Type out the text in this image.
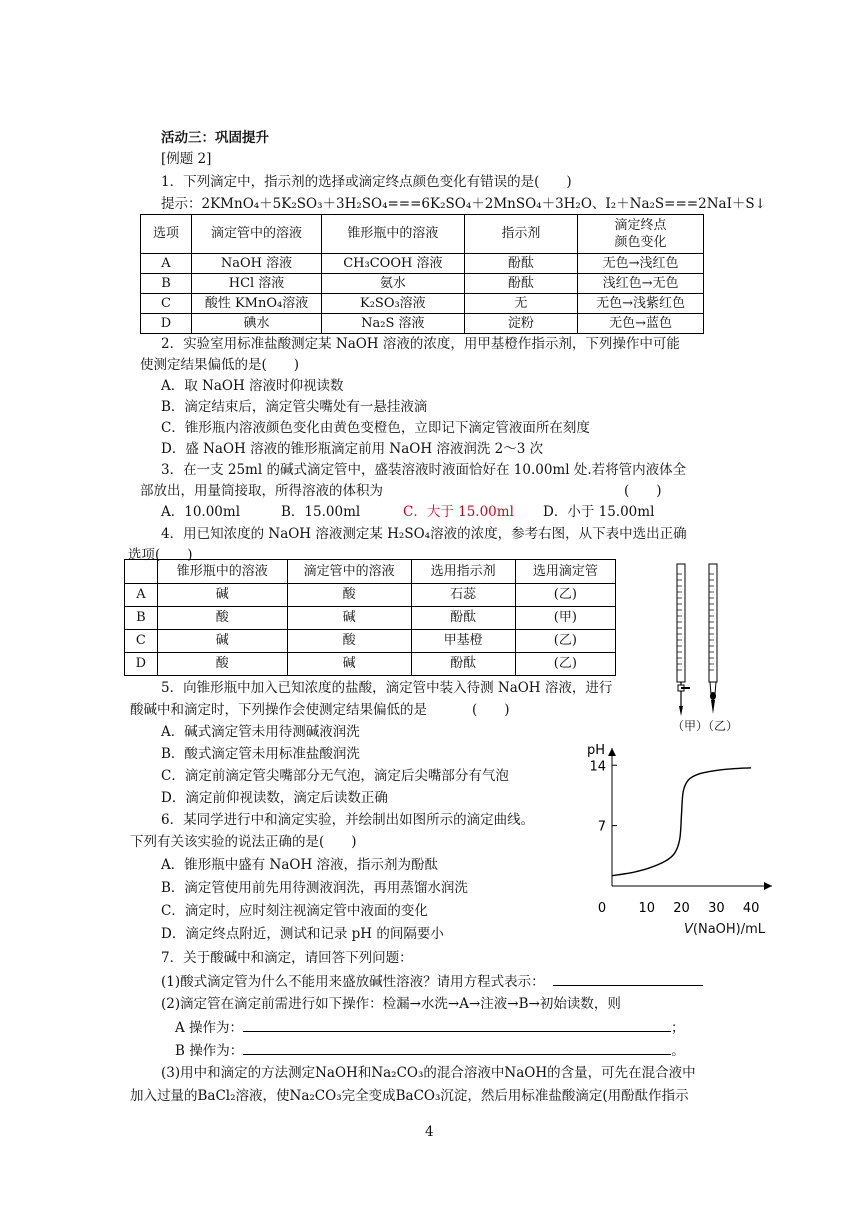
活动三：巩固提升
[例题 2]
1．下列滴定中，指示剂的选择或滴定终点颜色变化有错误的是(　　)
提示：2KMnO₄＋5K₂SO₃＋3H₂SO₄===6K₂SO₄＋2MnSO₄＋3H₂O、I₂＋Na₂S===2NaI＋S↓
选项	滴定管中的溶液	锥形瓶中的溶液	指示剂	滴定终点
颜色变化
A	NaOH 溶液	CH₃COOH 溶液	酚酞	无色→浅红色
B	HCl 溶液	氨水	酚酞	浅红色→无色
C	酸性 KMnO₄溶液	K₂SO₃溶液	无	无色→浅紫红色
D	碘水	Na₂S 溶液	淀粉	无色→蓝色
2．实验室用标准盐酸测定某 NaOH 溶液的浓度，用甲基橙作指示剂，下列操作中可能
使测定结果偏低的是(　　)
A．取 NaOH 溶液时仰视读数
B．滴定结束后，滴定管尖嘴处有一悬挂液滴
C．锥形瓶内溶液颜色变化由黄色变橙色，立即记下滴定管液面所在刻度
D．盛 NaOH 溶液的锥形瓶滴定前用 NaOH 溶液润洗 2～3 次
3．在一支 25ml 的碱式滴定管中，盛装溶液时液面恰好在 10.00ml 处.若将管内液体全
部放出，用量筒接取，所得溶液的体积为	(　　)
A．10.00ml	B．15.00ml	C．大于 15.00ml D．小于 15.00ml
4．用已知浓度的 NaOH 溶液测定某 H₂SO₄溶液的浓度，参考右图，从下表中选出正确
选项(　　)
	锥形瓶中的溶液	滴定管中的溶液	选用指示剂	选用滴定管
A	碱	酸	石蕊	(乙)
B	酸	碱	酚酞	(甲)
C	碱	酸	甲基橙	(乙)
D	酸	碱	酚酞	(乙)
（甲）（乙）
5．向锥形瓶中加入已知浓度的盐酸，滴定管中装入待测 NaOH 溶液，进行
酸碱中和滴定时，下列操作会使测定结果偏低的是	(　　)
A．碱式滴定管未用待测碱液润洗
B．酸式滴定管未用标准盐酸润洗
C．滴定前滴定管尖嘴部分无气泡，滴定后尖嘴部分有气泡
D．滴定前仰视读数，滴定后读数正确
6．某同学进行中和滴定实验，并绘制出如图所示的滴定曲线。
下列有关该实验的说法正确的是(　　)
A．锥形瓶中盛有 NaOH 溶液，指示剂为酚酞
B．滴定管使用前先用待测液润洗，再用蒸馏水润洗
C．滴定时，应时刻注视滴定管中液面的变化
D．滴定终点附近，测试和记录 pH 的间隔要小
pH
7
14
0 10 20 30 40
V(NaOH)/mL
7．关于酸碱中和滴定，请回答下列问题：
(1)酸式滴定管为什么不能用来盛放碱性溶液？请用方程式表示：
(2)滴定管在滴定前需进行如下操作：检漏→水洗→A→注液→B→初始读数，则
A 操作为：	；
B 操作为：	。
(3)用中和滴定的方法测定NaOH和Na₂CO₃的混合溶液中NaOH的含量，可先在混合液中
加入过量的BaCl₂溶液，使Na₂CO₃完全变成BaCO₃沉淀，然后用标准盐酸滴定(用酚酞作指示
4
